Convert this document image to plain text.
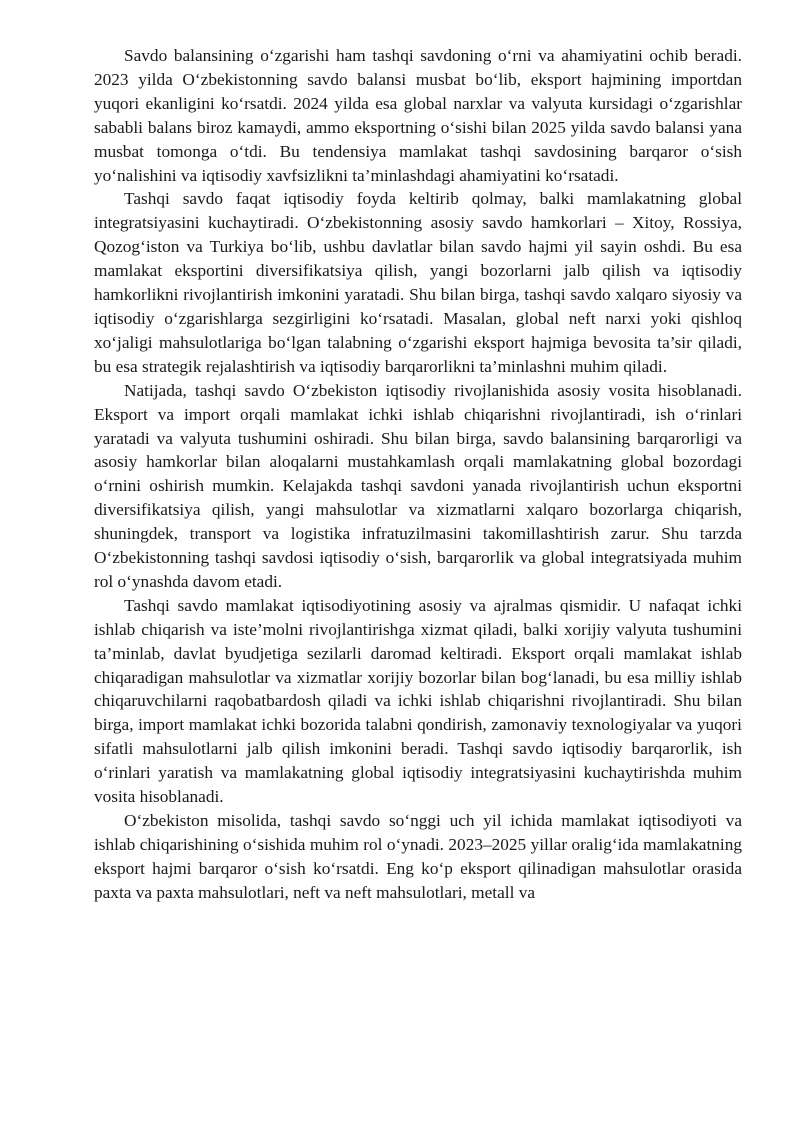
Savdo balansining o‘zgarishi ham tashqi savdoning o‘rni va ahamiyatini ochib beradi. 2023 yilda O‘zbekistonning savdo balansi musbat bo‘lib, eksport hajmining importdan yuqori ekanligini ko‘rsatdi. 2024 yilda esa global narxlar va valyuta kursidagi o‘zgarishlar sababli balans biroz kamaydi, ammo eksportning o‘sishi bilan 2025 yilda savdo balansi yana musbat tomonga o‘tdi. Bu tendensiya mamlakat tashqi savdosining barqaror o‘sish yo‘nalishini va iqtisodiy xavfsizlikni ta’minlashdagi ahamiyatini ko‘rsatadi.

Tashqi savdo faqat iqtisodiy foyda keltirib qolmay, balki mamlakatning global integratsiyasini kuchaytiradi. O‘zbekistonning asosiy savdo hamkorlari – Xitoy, Rossiya, Qozog‘iston va Turkiya bo‘lib, ushbu davlatlar bilan savdo hajmi yil sayin oshdi. Bu esa mamlakat eksportini diversifikatsiya qilish, yangi bozorlarni jalb qilish va iqtisodiy hamkorlikni rivojlantirish imkonini yaratadi. Shu bilan birga, tashqi savdo xalqaro siyosiy va iqtisodiy o‘zgarishlarga sezgirligini ko‘rsatadi. Masalan, global neft narxi yoki qishloq xo‘jaligi mahsulotlariga bo‘lgan talabning o‘zgarishi eksport hajmiga bevosita ta’sir qiladi, bu esa strategik rejalashtirish va iqtisodiy barqarorlikni ta’minlashni muhim qiladi.

Natijada, tashqi savdo O‘zbekiston iqtisodiy rivojlanishida asosiy vosita hisoblanadi. Eksport va import orqali mamlakat ichki ishlab chiqarishni rivojlantiradi, ish o‘rinlari yaratadi va valyuta tushumini oshiradi. Shu bilan birga, savdo balansining barqarorligi va asosiy hamkorlar bilan aloqalarni mustahkamlash orqali mamlakatning global bozordagi o‘rnini oshirish mumkin. Kelajakda tashqi savdoni yanada rivojlantirish uchun eksportni diversifikatsiya qilish, yangi mahsulotlar va xizmatlarni xalqaro bozorlarga chiqarish, shuningdek, transport va logistika infratuzilmasini takomillashtirish zarur. Shu tarzda O‘zbekistonning tashqi savdosi iqtisodiy o‘sish, barqarorlik va global integratsiyada muhim rol o‘ynashda davom etadi.

Tashqi savdo mamlakat iqtisodiyotining asosiy va ajralmas qismidir. U nafaqat ichki ishlab chiqarish va iste’molni rivojlantirishga xizmat qiladi, balki xorijiy valyuta tushumini ta’minlab, davlat byudjetiga sezilarli daromad keltiradi. Eksport orqali mamlakat ishlab chiqaradigan mahsulotlar va xizmatlar xorijiy bozorlar bilan bog‘lanadi, bu esa milliy ishlab chiqaruvchilarni raqobatbardosh qiladi va ichki ishlab chiqarishni rivojlantiradi. Shu bilan birga, import mamlakat ichki bozorida talabni qondirish, zamonaviy texnologiyalar va yuqori sifatli mahsulotlarni jalb qilish imkonini beradi. Tashqi savdo iqtisodiy barqarorlik, ish o‘rinlari yaratish va mamlakatning global iqtisodiy integratsiyasini kuchaytirishda muhim vosita hisoblanadi.

O‘zbekiston misolida, tashqi savdo so‘nggi uch yil ichida mamlakat iqtisodiyoti va ishlab chiqarishining o‘sishida muhim rol o‘ynadi. 2023–2025 yillar oralig‘ida mamlakatning eksport hajmi barqaror o‘sish ko‘rsatdi. Eng ko‘p eksport qilinadigan mahsulotlar orasida paxta va paxta mahsulotlari, neft va neft mahsulotlari, metall va
